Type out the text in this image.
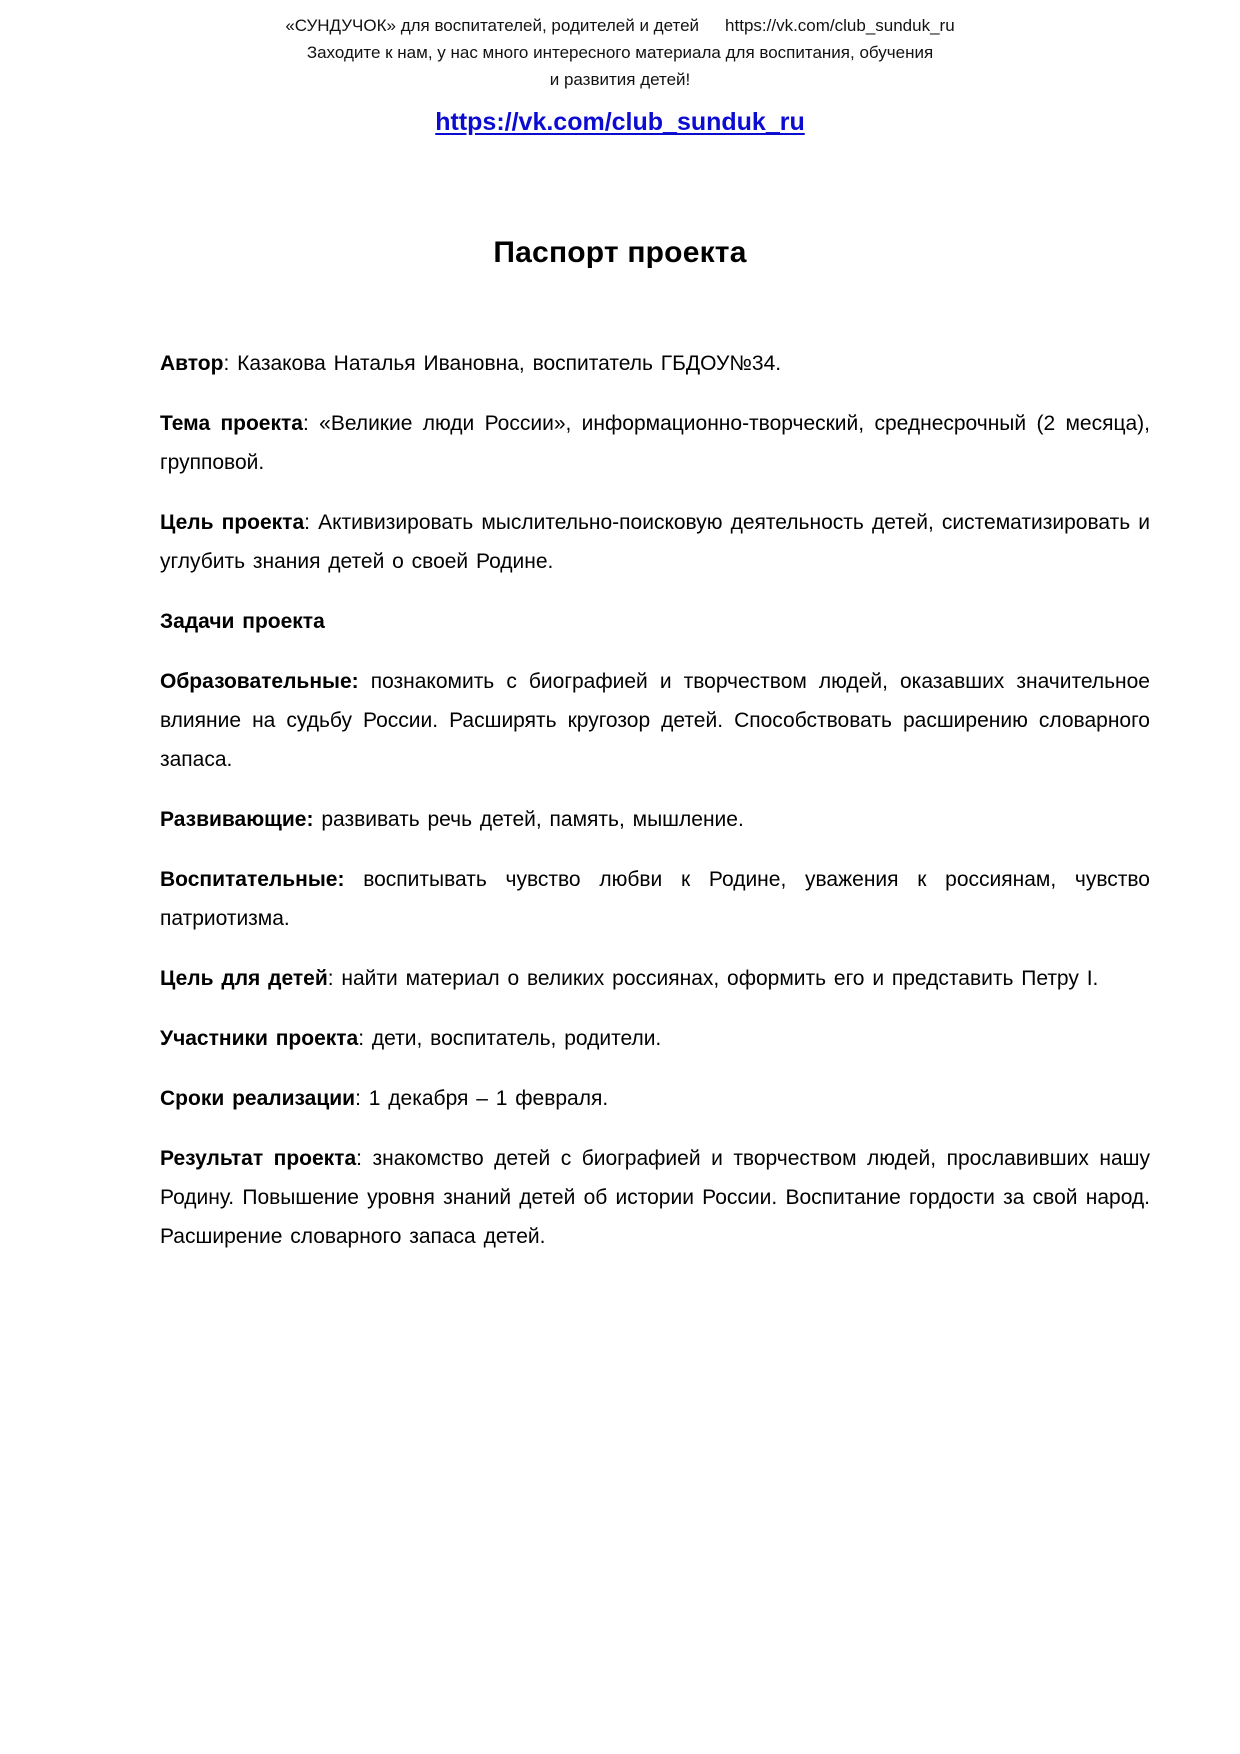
«СУНДУЧОК» для воспитателей, родителей и детей https://vk.com/club_sunduk_ru
Заходите к нам, у нас много интересного материала для воспитания, обучения
и развития детей!
https://vk.com/club_sunduk_ru
Паспорт проекта

Автор: Казакова Наталья Ивановна, воспитатель ГБДОУ№34.

Тема проекта: «Великие люди России», информационно-творческий, среднесрочный (2 месяца), групповой.

Цель проекта: Активизировать мыслительно-поисковую деятельность детей, систематизировать и углубить знания детей о своей Родине.

Задачи проекта

Образовательные: познакомить с биографией и творчеством людей, оказавших значительное влияние на судьбу России. Расширять кругозор детей. Способствовать расширению словарного запаса.

Развивающие: развивать речь детей, память, мышление.

Воспитательные: воспитывать чувство любви к Родине, уважения к россиянам, чувство патриотизма.

Цель для детей: найти материал о великих россиянах, оформить его и представить Петру I.

Участники проекта: дети, воспитатель, родители.

Сроки реализации: 1 декабря – 1 февраля.

Результат проекта: знакомство детей с биографией и творчеством людей, прославивших нашу Родину. Повышение уровня знаний детей об истории России. Воспитание гордости за свой народ. Расширение словарного запаса детей.
